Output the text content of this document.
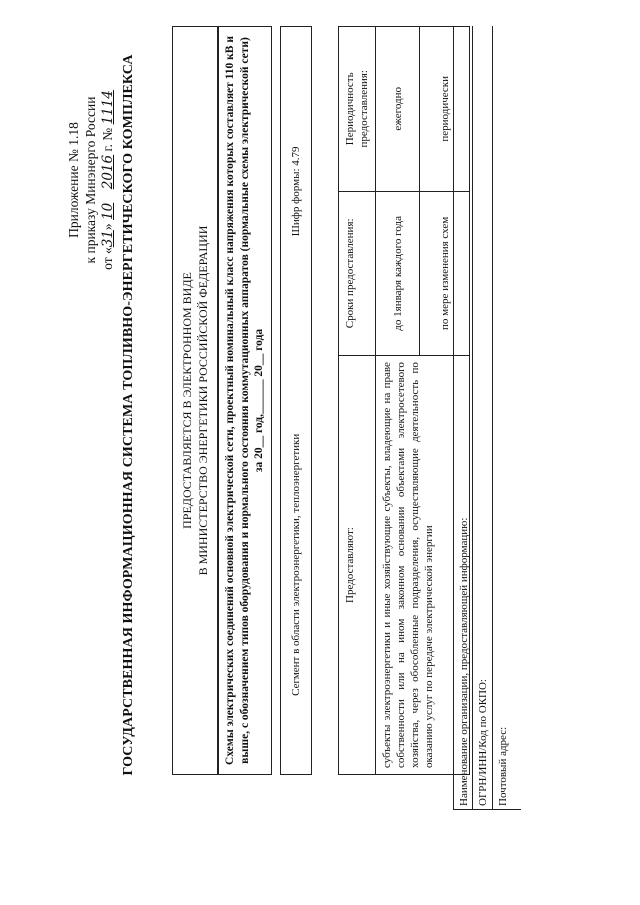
Приложение № 1.18 к приказу Минэнерго России от «31» 10    2016 г. № 1114 ГОСУДАРСТВЕННАЯ ИНФОРМАЦИОННАЯ СИСТЕМА ТОПЛИВНО-ЭНЕРГЕТИЧЕСКОГО КОМПЛЕКСА	ПРЕДОСТАВЛЯЕТСЯ В ЭЛЕКТРОННОМ ВИДЕ В МИНИСТЕРСТВО ЭНЕРГЕТИКИ РОССИЙСКОЙ ФЕДЕРАЦИИ Схемы электрических соединений основной электрической сети, проектный номинальный класс напряжения которых составляет 110 кВ и выше, с обозначением типов оборудования и нормального состояния коммутационных аппаратов (нормальные схемы электрической сети) за 20__ год,______ 20__ года
Сегмент в области электроэнергетики, теплоэнергетики	Шифр формы: 4.79
Предоставляют:	Сроки предоставления:	Периодичность предоставления:
субъекты электроэнергетики и иные хозяйствующие субъекты, владеющие на праве собственности или на ином законном основании объектами электросетевого хозяйства, через обособленные подразделения, осуществляющие деятельность по оказанию услуг по передаче электрической энергии	до 1января каждого года	ежегодно
	по мере изменения схем	периодически
Наименование организации, предоставляющей информацию: ОГРН/ИНН/Код по ОКПО: Почтовый адрес:
